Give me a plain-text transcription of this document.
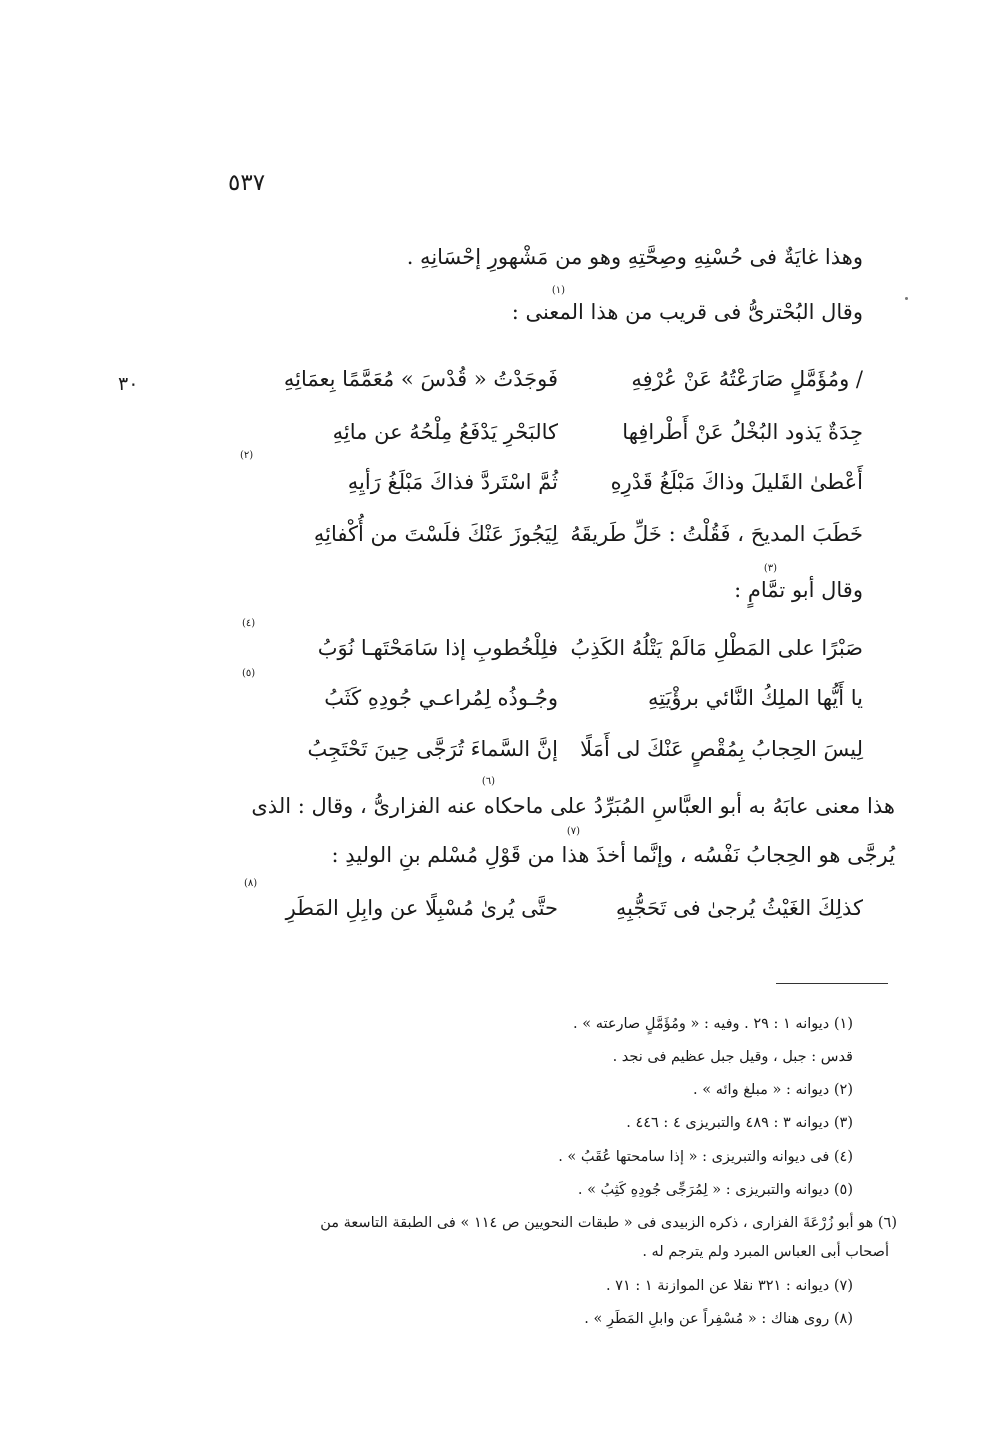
٥٣٧
٣٠
وهذا غايَةٌ فى حُسْنِهِ وصِحَّتِهِ وهو من مَشْهورِ إحْسَانِهِ .
وقال البُحْترىُّ فى قريب من هذا المعنى :
(١)
/ ومُؤَمَّلٍ صَارَعْتُهُ عَنْ عُرْفِهِ
فَوجَدْتُ « قُدْسَ » مُعَمَّمًا بِعمَائِهِ
جِدَةٌ يَذود البُخْلُ عَنْ أَطْرافِها
كالبَحْرِ يَدْفَعُ مِلْحُهُ عن مائِهِ
(٢)
أَعْطىٰ القَليلَ وذاكَ مَبْلَغُ قَدْرِهِ
ثُمَّ اسْتَردَّ فذاكَ مَبْلَغُ رَأيِهِ
خَطَبَ المديحَ ، فَقُلْتُ : خَلِّ طَريقَهُ
لِيَجُوزَ عَنْكَ فلَسْتَ من أُكْفائِهِ
وقال أبو تمَّامٍ :
(٣)
(٤)
صَبْرًا على المَطْلِ مَالَمْ يَتْلُهُ الكَذِبُ
فلِلْخُطوبِ إذا سَامَحْتَهـا نُوَبُ
(٥)
يا أَيُّها الملِكُ النَّائي برؤْيَتِهِ
وجُـوذُه لِمُراعـي جُودِهِ كَثَبُ
لِيسَ الحِجابُ بِمُقْصٍ عَنْكَ لى أَمَلًا
إنَّ السَّماءَ تُرَجَّى حِينَ تَحْتَجِبُ
(٦)
هذا معنى عابَهُ به أبو العبَّاسِ المُبَرِّدُ على ماحكاه عنه الفزارىُّ ، وقال : الذى
(٧)
يُرجَّى هو الحِجابُ نَفْسُه ، وإنَّما أخذَ هذا من قَوْلِ مُسْلم بنِ الوليدِ :
(٨)
كذلِكَ الغَيْثُ يُرجىٰ فى تَحَجُّبِهِ
حتَّى يُرىٰ مُسْبِلًا عن وابِلِ المَطَرِ
(١) ديوانه ١ : ٢٩ . وفيه : « ومُؤَمَّلٍ صارعته » .
قدس : جبل ، وقيل جبل عظيم فى نجد .
(٢) ديوانه : « مبلغ وائه » .
(٣) ديوانه ٣ : ٤٨٩ والتبريزى ٤ : ٤٤٦ .
(٤) فى ديوانه والتبريزى : « إذا سامحتها عُقَبُ » .
(٥) ديوانه والتبريزى : « لِمُرَجِّى جُودِهِ كَثِبُ » .
(٦) هو أبو زُرْعَةَ الفزارى ، ذكره الزبيدى فى « طبقات النحويين ص ١١٤ » فى الطبقة التاسعة من
أصحاب أبى العباس المبرد ولم يترجم له .
(٧) ديوانه : ٣٢١ نقلا عن الموازنة ١ : ٧١ .
(٨) روى هناك : « مُسْفِراً عن وابلِ المَطَرِ » .
